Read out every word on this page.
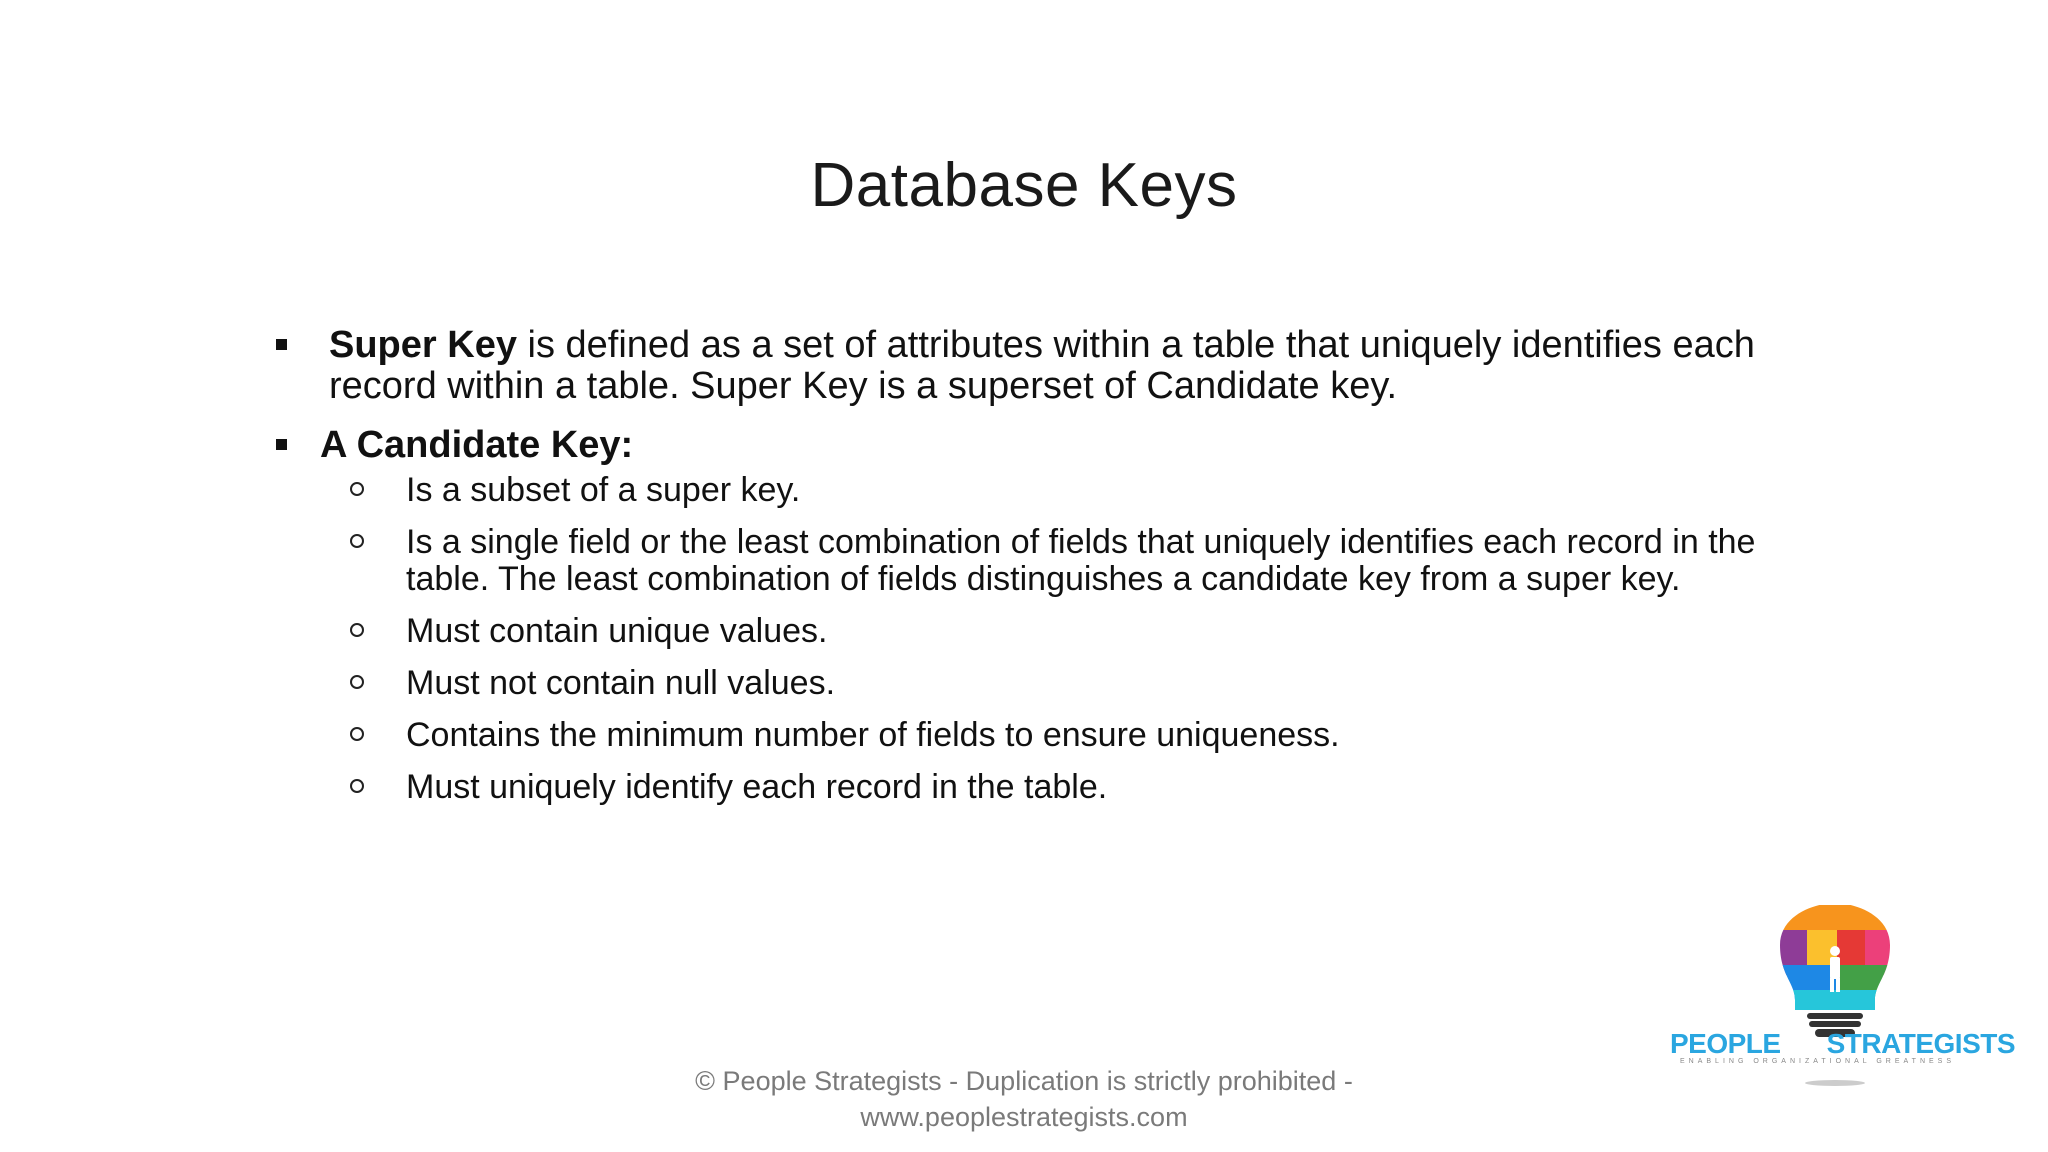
Database Keys
Super Key is defined as a set of attributes within a table that uniquely identifies each record within a table. Super Key is a superset of Candidate key.
A Candidate Key:
Is a subset of a super key.
Is a single field or the least combination of fields that uniquely identifies each record in the table. The least combination of fields distinguishes a candidate key from a super key.
Must contain unique values.
Must not contain null values.
Contains the minimum number of fields to ensure uniqueness.
Must uniquely identify each record in the table.
PEOPLE STRATEGISTS
ENABLING ORGANIZATIONAL GREATNESS
© People Strategists - Duplication is strictly prohibited -
www.peoplestrategists.com
